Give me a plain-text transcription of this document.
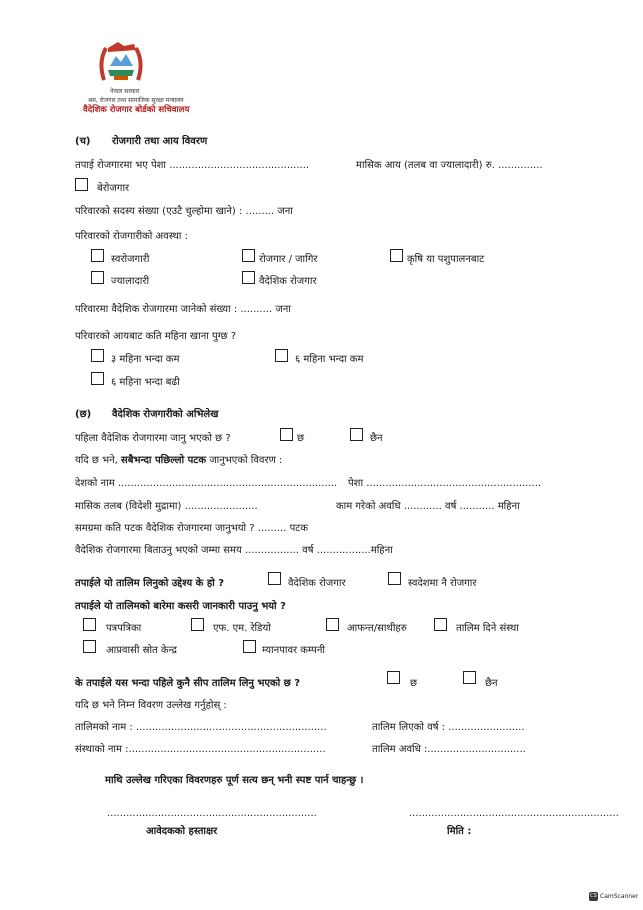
नेपाल सरकार
श्रम, रोजगार तथा सामाजिक सुरक्षा मन्त्रालय
वैदेशिक रोजगार बोर्डको सचिवालय
(च) रोजगारी तथा आय विवरण
तपाई रोजगारमा भए पेशा ............................................	मासिक आय (तलब वा ज्यालादारी) रु. ..............
बेरोजगार
परिवारको सदस्य संख्या (एउटै चुल्होमा खाने) : ......... जना
परिवारको रोजगारीको अवस्था :
स्वरोजगारी	रोजगार / जागिर	कृषि या पशुपालनबाट
ज्यालादारी	वैदेशिक रोजगार
परिवारमा वैदेशिक रोजगारमा जानेको संख्या : .......... जना
परिवारको आयबाट कति महिना खाना पुग्छ ?
३ महिना भन्दा कम	६ महिना भन्दा कम
६ महिना भन्दा बढी
(छ) वैदेशिक रोजगारीको अभिलेख
पहिला वैदेशिक रोजगारमा जानु भएको छ ?	छ	छैन
यदि छ भने, सबैभन्दा पछिल्लो पटक जानुभएको विवरण :
देशको नाम ..................................................................... पेशा .......................................................
मासिक तलब (विदेशी मुद्रामा) .......................	काम गरेको अवधि ............ वर्ष ........... महिना
समग्रमा कति पटक वैदेशिक रोजगारमा जानुभयो ? ......... पटक
वैदेशिक रोजगारमा बिताउनु भएको जम्मा समय ................. वर्ष .................महिना
तपाईले यो तालिम लिनुको उद्देश्य के हो ?	वैदेशिक रोजगार	स्वदेशमा नै रोजगार
तपाईले यो तालिमको बारेमा कसरी जानकारी पाउनु भयो ?
पत्रपत्रिका	एफ. एम. रेडियो	आफन्त/साथीहरु	तालिम दिने संस्था
आप्रवासी स्रोत केन्द्र	म्यानपावर कम्पनी
के तपाईले यस भन्दा पहिले कुनै सीप तालिम लिनु भएको छ ?	छ	छैन
यदि छ भने निम्न विवरण उल्लेख गर्नुहोस् :
तालिमको नाम : ............................................................	तालिम लिएको वर्ष : ........................
संस्थाको नाम :..............................................................	तालिम अवधि :...............................
माथि उल्लेख गरिएका विवरणहरु पूर्ण सत्य छन् भनी स्पष्ट पार्न चाहन्छु ।
..................................................................	..................................................................
आवेदकको हस्ताक्षर	मिति :
CS CamScanner
